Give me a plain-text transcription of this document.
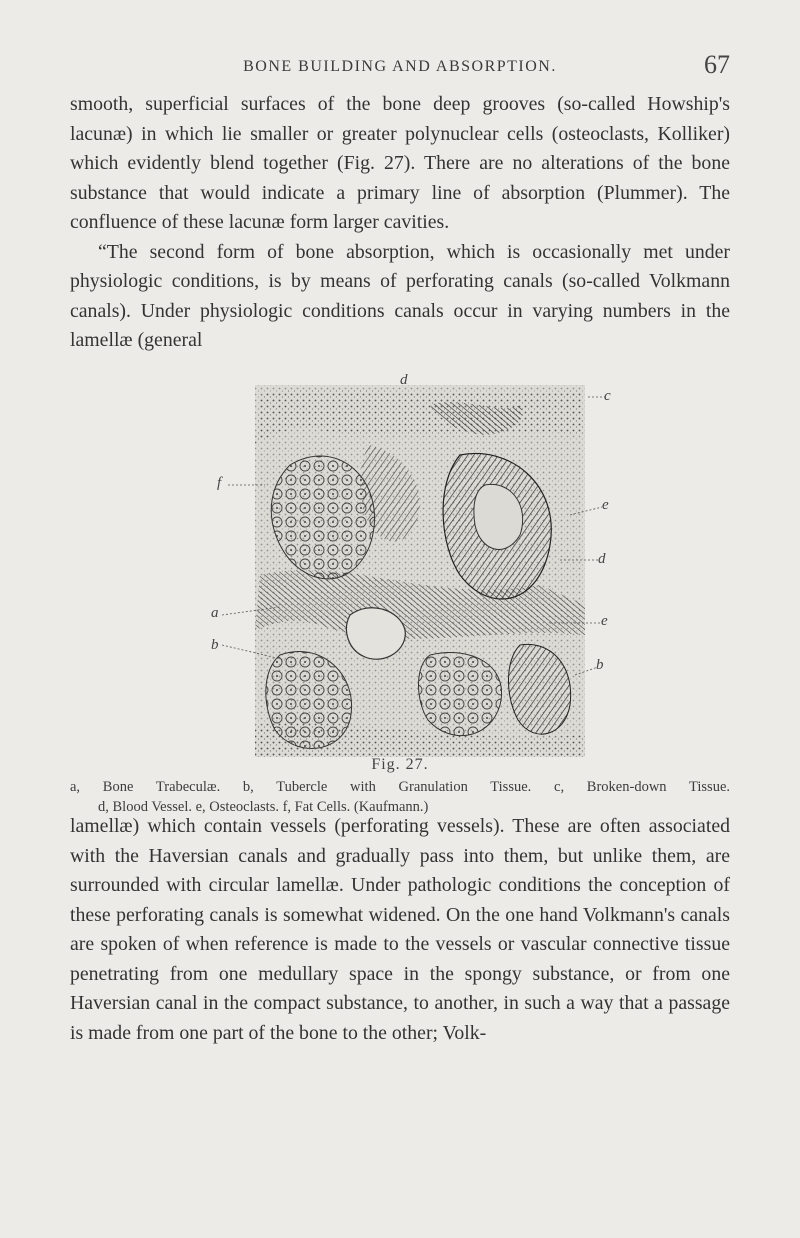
BONE BUILDING AND ABSORPTION.	67

smooth, superficial surfaces of the bone deep grooves (so-called Howship's lacunæ) in which lie smaller or greater polynuclear cells (osteoclasts, Kolliker) which evidently blend together (Fig. 27). There are no alterations of the bone substance that would indicate a primary line of absorption (Plummer). The confluence of these lacunæ form larger cavities.

“The second form of bone absorption, which is occasionally met under physiologic conditions, is by means of perforating canals (so-called Volkmann canals). Under physiologic conditions canals occur in varying numbers in the lamellæ (general

d
c
e
f
d
a	e
b
b
Fig. 27.
a, Bone Trabeculæ. b, Tubercle with Granulation Tissue. c, Broken-down Tissue.
d, Blood Vessel. e, Osteoclasts. f, Fat Cells. (Kaufmann.)

lamellæ) which contain vessels (perforating vessels). These are often associated with the Haversian canals and gradually pass into them, but unlike them, are surrounded with circular lamellæ. Under pathologic conditions the conception of these perforating canals is somewhat widened. On the one hand Volkmann's canals are spoken of when reference is made to the vessels or vascular connective tissue penetrating from one medullary space in the spongy substance, or from one Haversian canal in the compact substance, to another, in such a way that a passage is made from one part of the bone to the other; Volk-
